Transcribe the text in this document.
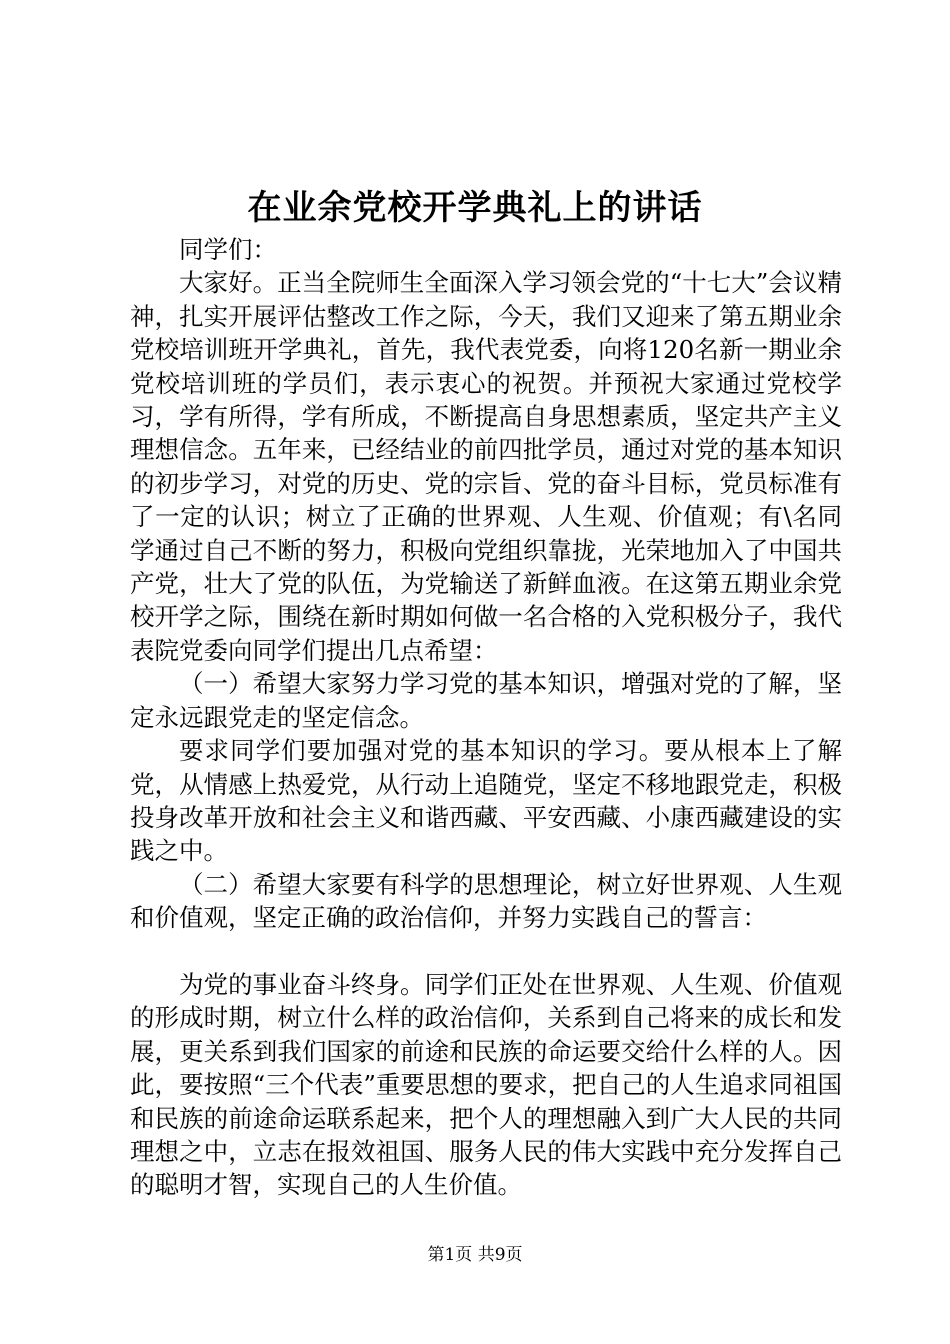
在业余党校开学典礼上的讲话

同学们：

大家好。正当全院师生全面深入学习领会党的“十七大”会议精神，扎实开展评估整改工作之际，今天，我们又迎来了第五期业余党校培训班开学典礼，首先，我代表党委，向将120名新一期业余党校培训班的学员们，表示衷心的祝贺。并预祝大家通过党校学习，学有所得，学有所成，不断提高自身思想素质，坚定共产主义理想信念。五年来，已经结业的前四批学员，通过对党的基本知识的初步学习，对党的历史、党的宗旨、党的奋斗目标，党员标准有了一定的认识；树立了正确的世界观、人生观、价值观；有\名同学通过自己不断的努力，积极向党组织靠拢，光荣地加入了中国共产党，壮大了党的队伍，为党输送了新鲜血液。在这第五期业余党校开学之际，围绕在新时期如何做一名合格的入党积极分子，我代表院党委向同学们提出几点希望：

（一）希望大家努力学习党的基本知识，增强对党的了解，坚定永远跟党走的坚定信念。

要求同学们要加强对党的基本知识的学习。要从根本上了解党，从情感上热爱党，从行动上追随党，坚定不移地跟党走，积极投身改革开放和社会主义和谐西藏、平安西藏、小康西藏建设的实践之中。

（二）希望大家要有科学的思想理论，树立好世界观、人生观和价值观，坚定正确的政治信仰，并努力实践自己的誓言：

为党的事业奋斗终身。同学们正处在世界观、人生观、价值观的形成时期，树立什么样的政治信仰，关系到自己将来的成长和发展，更关系到我们国家的前途和民族的命运要交给什么样的人。因此，要按照“三个代表”重要思想的要求，把自己的人生追求同祖国和民族的前途命运联系起来，把个人的理想融入到广大人民的共同理想之中，立志在报效祖国、服务人民的伟大实践中充分发挥自己的聪明才智，实现自己的人生价值。

第1页 共9页
